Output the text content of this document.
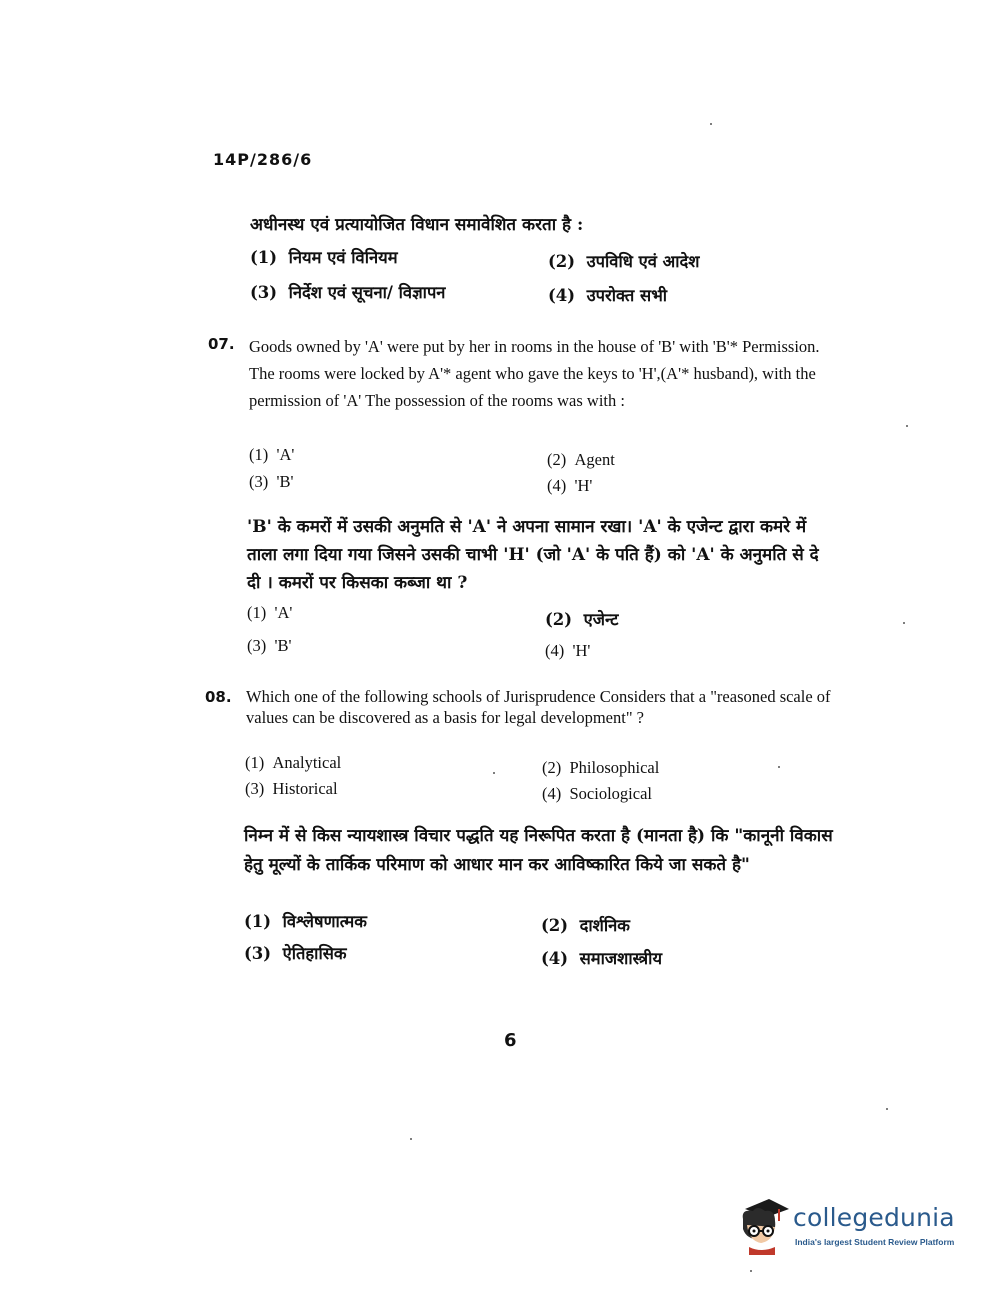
14P/286/6
अधीनस्थ एवं प्रत्यायोजित विधान समावेशित करता है :
(1) नियम एवं विनियम	(2) उपविधि एवं आदेश
(3) निर्देश एवं सूचना/ विज्ञापन	(4) उपरोक्त सभी
07. Goods owned by 'A' were put by her in rooms in the house of 'B' with 'B'* Permission. The rooms were locked by A'* agent who gave the keys to 'H',(A'* husband), with the permission of 'A' The possession of the rooms was with :
(1) 'A'	(2) Agent
(3) 'B'	(4) 'H'
'B' के कमरों में उसकी अनुमति से 'A' ने अपना सामान रखा। 'A' के एजेन्ट द्वारा कमरे में ताला लगा दिया गया जिसने उसकी चाभी 'H' (जो 'A' के पति हैं) को 'A' के अनुमति से दे दी । कमरों पर किसका कब्जा था ?
(1) 'A'	(2) एजेन्ट
(3) 'B'	(4) 'H'
08. Which one of the following schools of Jurisprudence Considers that a "reasoned scale of values can be discovered as a basis for legal development" ?
(1) Analytical	(2) Philosophical
(3) Historical	(4) Sociological
निम्न में से किस न्यायशास्त्र विचार पद्धति यह निरूपित करता है (मानता है) कि "कानूनी विकास हेतु मूल्यों के तार्किक परिमाण को आधार मान कर आविष्कारित किये जा सकते है"
(1) विश्लेषणात्मक	(2) दार्शनिक
(3) ऐतिहासिक	(4) समाजशास्त्रीय
6
collegedunia
India's largest Student Review Platform
